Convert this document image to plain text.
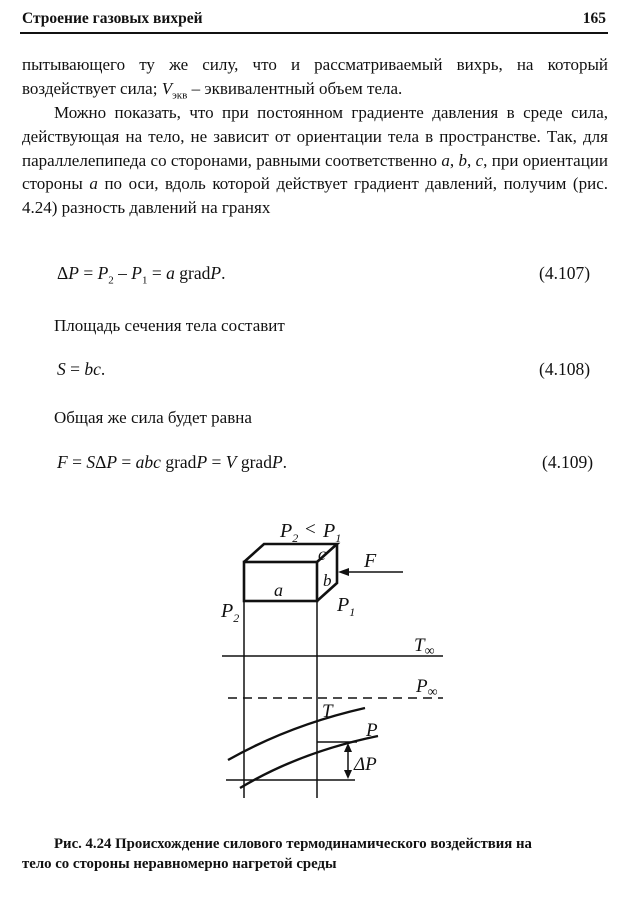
Строение газовых вихрей	165

пытывающего ту же силу, что и рассматриваемый вихрь, на который воздействует сила; $V_{экв}$ – эквивалентный объем тела.

Можно показать, что при постоянном градиенте давления в среде сила, действующая на тело, не зависит от ориентации тела в пространстве. Так, для параллелепипеда со сторонами, равными соответственно a, b, c, при ориентации стороны a по оси, вдоль которой действует градиент давлений, получим (рис. 4.24) разность давлений на гранях

$\Delta P = P_2 - P_1 = a$ gradP.	(4.107)

Площадь сечения тела составит

S = bc.	(4.108)

Общая же сила будет равна

F = SΔP = abc gradP = V gradP.	(4.109)
$P_2 < P_1$
a
c
b
F
$P_1$
$P_2$
$T_\infty$
$P_\infty$
T
P
ΔP

Рис. 4.24 Происхождение силового термодинамического воздействия на
тело со стороны неравномерно нагретой среды
